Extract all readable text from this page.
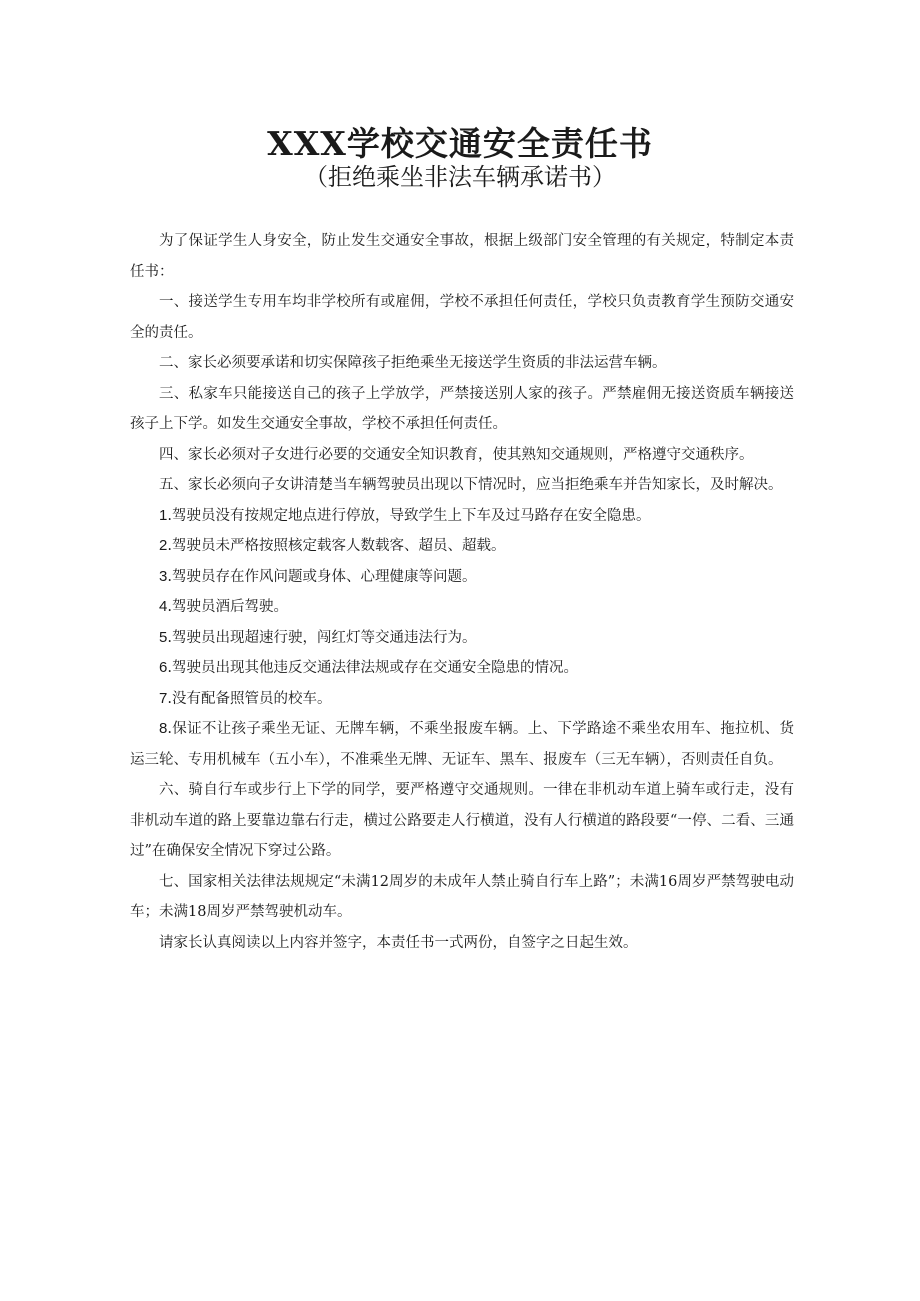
XXX学校交通安全责任书
（拒绝乘坐非法车辆承诺书）

为了保证学生人身安全，防止发生交通安全事故，根据上级部门安全管理的有关规定，特制定本责任书：

一、接送学生专用车均非学校所有或雇佣，学校不承担任何责任，学校只负责教育学生预防交通安全的责任。

二、家长必须要承诺和切实保障孩子拒绝乘坐无接送学生资质的非法运营车辆。

三、私家车只能接送自己的孩子上学放学，严禁接送别人家的孩子。严禁雇佣无接送资质车辆接送孩子上下学。如发生交通安全事故，学校不承担任何责任。

四、家长必须对子女进行必要的交通安全知识教育，使其熟知交通规则，严格遵守交通秩序。

五、家长必须向子女讲清楚当车辆驾驶员出现以下情况时，应当拒绝乘车并告知家长，及时解决。

1.驾驶员没有按规定地点进行停放，导致学生上下车及过马路存在安全隐患。

2.驾驶员未严格按照核定载客人数载客、超员、超载。

3.驾驶员存在作风问题或身体、心理健康等问题。

4.驾驶员酒后驾驶。

5.驾驶员出现超速行驶，闯红灯等交通违法行为。

6.驾驶员出现其他违反交通法律法规或存在交通安全隐患的情况。

7.没有配备照管员的校车。

8.保证不让孩子乘坐无证、无牌车辆，不乘坐报废车辆。上、下学路途不乘坐农用车、拖拉机、货运三轮、专用机械车（五小车），不准乘坐无牌、无证车、黑车、报废车（三无车辆），否则责任自负。

六、骑自行车或步行上下学的同学，要严格遵守交通规则。一律在非机动车道上骑车或行走，没有非机动车道的路上要靠边靠右行走，横过公路要走人行横道，没有人行横道的路段要“一停、二看、三通过”在确保安全情况下穿过公路。

七、国家相关法律法规规定“未满12周岁的未成年人禁止骑自行车上路”；未满16周岁严禁驾驶电动车；未满18周岁严禁驾驶机动车。

请家长认真阅读以上内容并签字，本责任书一式两份，自签字之日起生效。
